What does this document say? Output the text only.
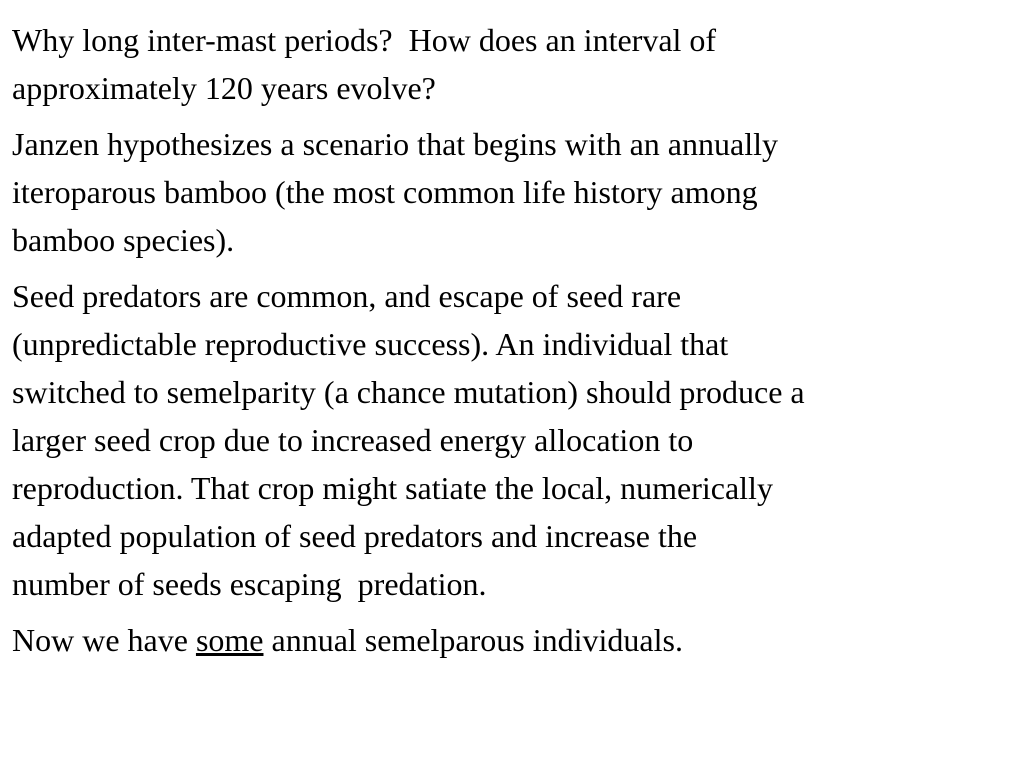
Why long inter-mast periods?  How does an interval of
approximately 120 years evolve?

Janzen hypothesizes a scenario that begins with an annually
iteroparous bamboo (the most common life history among
bamboo species).

Seed predators are common, and escape of seed rare
(unpredictable reproductive success). An individual that
switched to semelparity (a chance mutation) should produce a
larger seed crop due to increased energy allocation to
reproduction. That crop might satiate the local, numerically
adapted population of seed predators and increase the
number of seeds escaping  predation.

Now we have some annual semelparous individuals.
